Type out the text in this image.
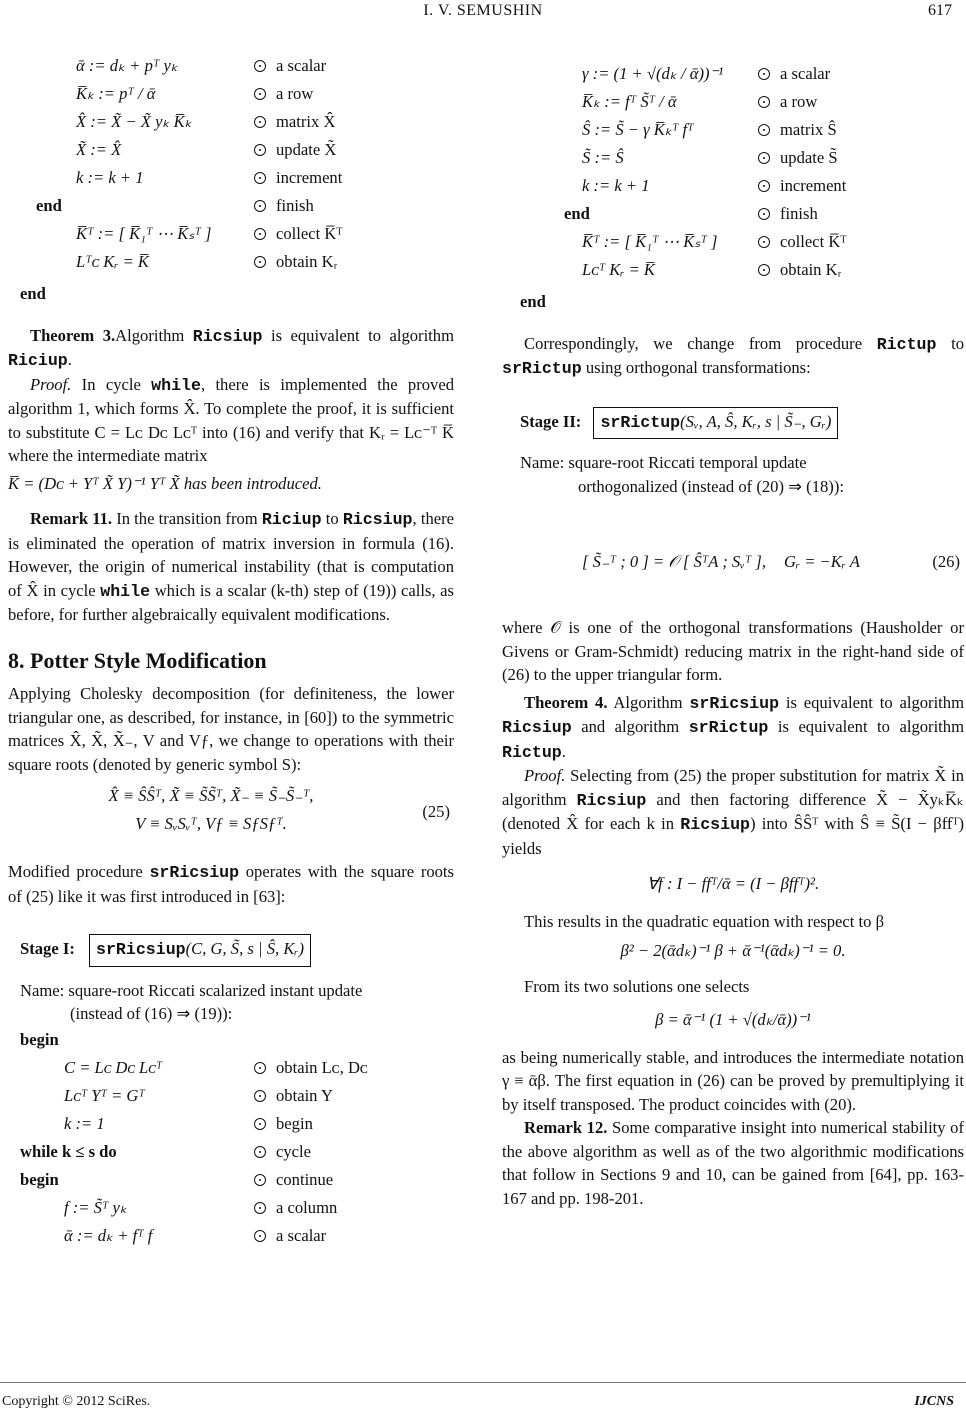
I. V. SEMUSHIN	617
ᾱ := dₖ + pᵀ yₖ	a scalar
K̅ₖ := pᵀ / ᾱ	a row
X̂ := X̃ − X̃ yₖ K̅ₖ	matrix X̂
X̃ := X̂	update X̃
k := k + 1	increment
end	finish
K̅ᵀ := [ K̅₁ᵀ ⋯ K̅ₛᵀ ]	collect K̅ᵀ
Lᵀᴄ Kᵣ = K̅	obtain Kᵣ
end

Theorem 3.Algorithm Ricsiup is equivalent to algorithm Riciup.

Proof. In cycle while, there is implemented the proved algorithm 1, which forms X̂. To complete the proof, it is sufficient to substitute C = Lᴄ Dᴄ Lᴄᵀ into (16) and verify that Kᵣ = Lᴄ⁻ᵀ K̅ where the intermediate matrix

K̅ = (Dᴄ + Yᵀ X̃ Y)⁻¹ Yᵀ X̃ has been introduced.

Remark 11. In the transition from Riciup to Ricsiup, there is eliminated the operation of matrix inversion in formula (16). However, the origin of numerical instability (that is computation of X̂ in cycle while which is a scalar (k-th) step of (19)) calls, as before, for further algebraically equivalent modifications.

8. Potter Style Modification

Applying Cholesky decomposition (for definiteness, the lower triangular one, as described, for instance, in [60]) to the symmetric matrices X̂, X̃, X̃₋, V and Vƒ, we change to operations with their square roots (denoted by generic symbol S):

X̂ ≡ ŜŜᵀ, X̃ ≡ S̃S̃ᵀ, X̃₋ ≡ S̃₋S̃₋ᵀ,
V ≡ SᵥSᵥᵀ, Vƒ ≡ SƒSƒᵀ.
(25)

Modified procedure srRicsiup operates with the square roots of (25) like it was first introduced in [63]:

Stage I: srRicsiup(C, G, S̃, s | Ŝ, Kᵣ)
Name: square-root Riccati scalarized instant update
(instead of (16) ⇒ (19)):
begin
C = Lᴄ Dᴄ Lᴄᵀ	obtain Lᴄ, Dᴄ
Lᴄᵀ Yᵀ = Gᵀ	obtain Y
k := 1	begin
while k ≤ s do	cycle
begin	continue
f := S̃ᵀ yₖ	a column
ᾱ := dₖ + fᵀ f	a scalar
γ := (1 + √(dₖ / ᾱ))⁻¹	a scalar
K̅ₖ := fᵀ S̃ᵀ / ᾱ	a row
Ŝ := S̃ − γ K̅ₖᵀ fᵀ	matrix Ŝ
S̃ := Ŝ	update S̃
k := k + 1	increment
end	finish
K̅ᵀ := [ K̅₁ᵀ ⋯ K̅ₛᵀ ]	collect K̅ᵀ
Lᴄᵀ Kᵣ = K̅	obtain Kᵣ
end

Correspondingly, we change from procedure Rictup to srRictup using orthogonal transformations:

Stage II: srRictup(Sᵥ, A, Ŝ, Kᵣ, s | S̃₋, Gᵣ)
Name: square-root Riccati temporal update
orthogonalized (instead of (20) ⇒ (18)):
[ S̃₋ᵀ ; 0 ] = 𝒪 [ ŜᵀA ; Sᵥᵀ ], Gᵣ = −Kᵣ A	(26)

where 𝒪 is one of the orthogonal transformations (Hausholder or Givens or Gram-Schmidt) reducing matrix in the right-hand side of (26) to the upper triangular form.

Theorem 4. Algorithm srRicsiup is equivalent to algorithm Ricsiup and algorithm srRictup is equivalent to algorithm Rictup.

Proof. Selecting from (25) the proper substitution for matrix X̃ in algorithm Ricsiup and then factoring difference X̃ − X̃yₖK̅ₖ (denoted X̂ for each k in Ricsiup) into ŜŜᵀ with Ŝ ≡ S̃(I − βffᵀ) yields

∀f : I − ffᵀ/ᾱ = (I − βffᵀ)².

This results in the quadratic equation with respect to β

β² − 2(ᾱdₖ)⁻¹ β + ᾱ⁻¹(ᾱdₖ)⁻¹ = 0.

From its two solutions one selects

β = ᾱ⁻¹ (1 + √(dₖ/ᾱ))⁻¹

as being numerically stable, and introduces the intermediate notation γ ≡ ᾱβ. The first equation in (26) can be proved by premultiplying it by itself transposed. The product coincides with (20).

Remark 12. Some comparative insight into numerical stability of the above algorithm as well as of the two algorithmic modifications that follow in Sections 9 and 10, can be gained from [64], pp. 163-167 and pp. 198-201.

Copyright © 2012 SciRes.	IJCNS
